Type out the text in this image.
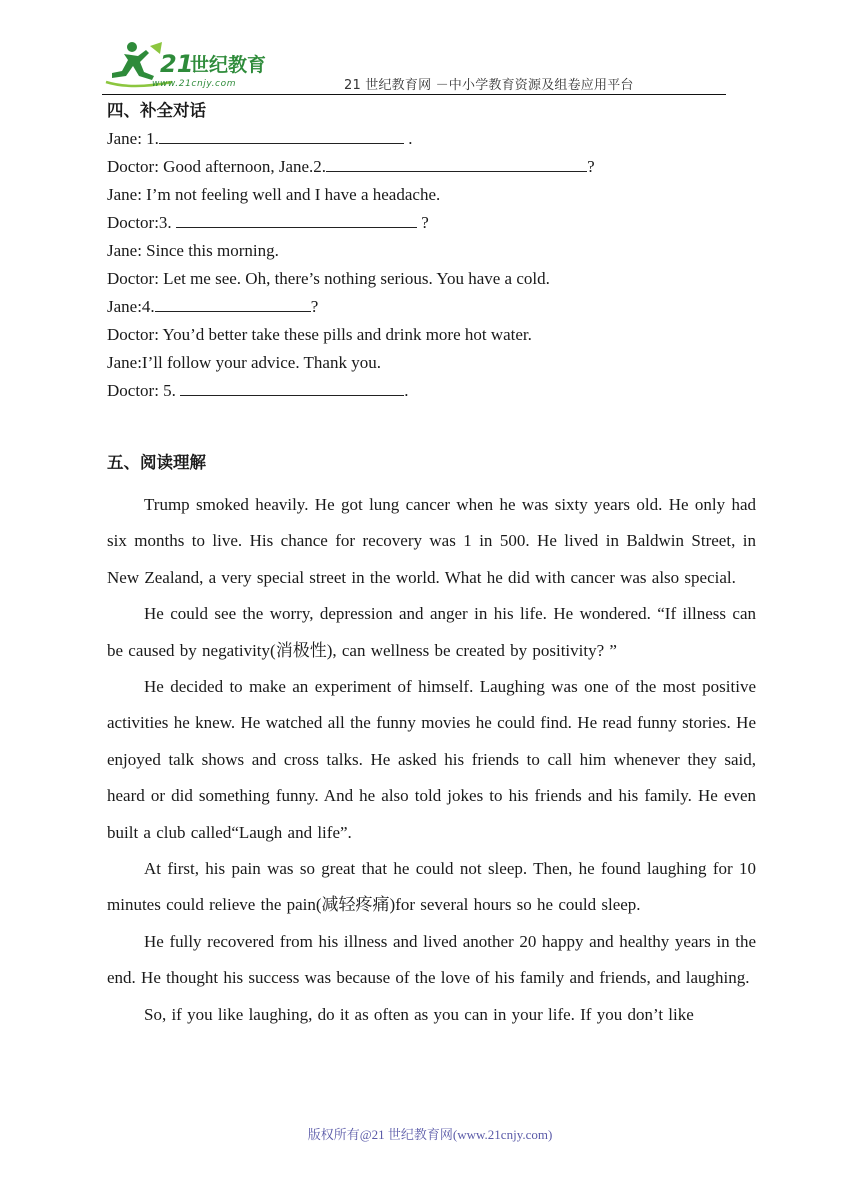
21
世纪教育
www.21cnjy.com	21 世纪教育网 －中小学教育资源及组卷应用平台
四、补全对话
Jane: 1.	.
Doctor: Good afternoon, Jane.2.	?
Jane: I’m not feeling well and I have a headache.
Doctor:3.	?
Jane: Since this morning.
Doctor: Let me see. Oh, there’s nothing serious. You have a cold.
Jane:4.	?
Doctor: You’d better take these pills and drink more hot water.
Jane:I’ll follow your advice. Thank you.
Doctor: 5.	.
五、阅读理解

Trump smoked heavily. He got lung cancer when he was sixty years old. He only had six months to live. His chance for recovery was 1 in 500. He lived in Baldwin Street, in New Zealand, a very special street in the world. What he did with cancer was also special.

He could see the worry, depression and anger in his life. He wondered. “If illness can be caused by negativity(消极性), can wellness be created by positivity? ”

He decided to make an experiment of himself. Laughing was one of the most positive activities he knew. He watched all the funny movies he could find. He read funny stories. He enjoyed talk shows and cross talks. He asked his friends to call him whenever they said, heard or did something funny. And he also told jokes to his friends and his family. He even built a club called“Laugh and life”.

At first, his pain was so great that he could not sleep. Then, he found laughing for 10 minutes could relieve the pain(减轻疼痛)for several hours so he could sleep.

He fully recovered from his illness and lived another 20 happy and healthy years in the end. He thought his success was because of the love of his family and friends, and laughing.

So, if you like laughing, do it as often as you can in your life. If you don’t like

版权所有@21 世纪教育网(www.21cnjy.com)
